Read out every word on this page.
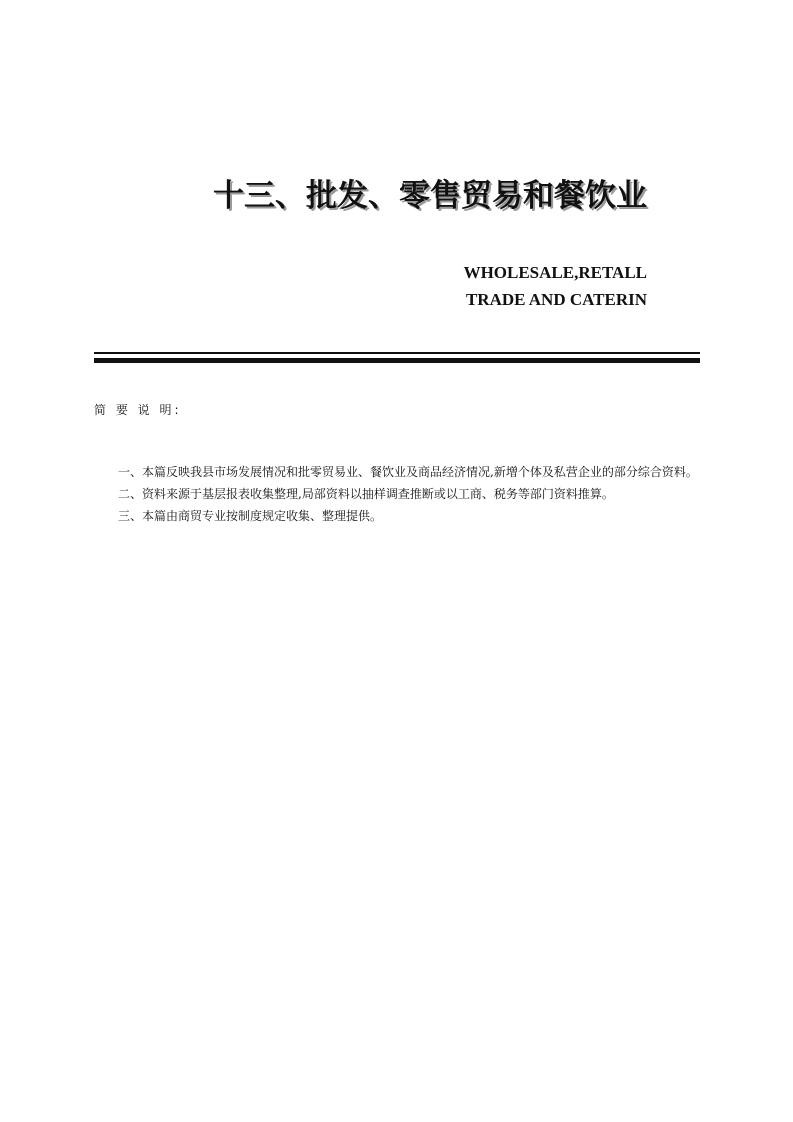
十三、批发、零售贸易和餐饮业
WHOLESALE,RETALL
TRADE AND CATERIN
简 要 说 明:

一、本篇反映我县市场发展情况和批零贸易业、餐饮业及商品经济情况,新增个体及私营企业的部分综合资料。

二、资料来源于基层报表收集整理,局部资料以抽样调查推断或以工商、税务等部门资料推算。

三、本篇由商贸专业按制度规定收集、整理提供。
